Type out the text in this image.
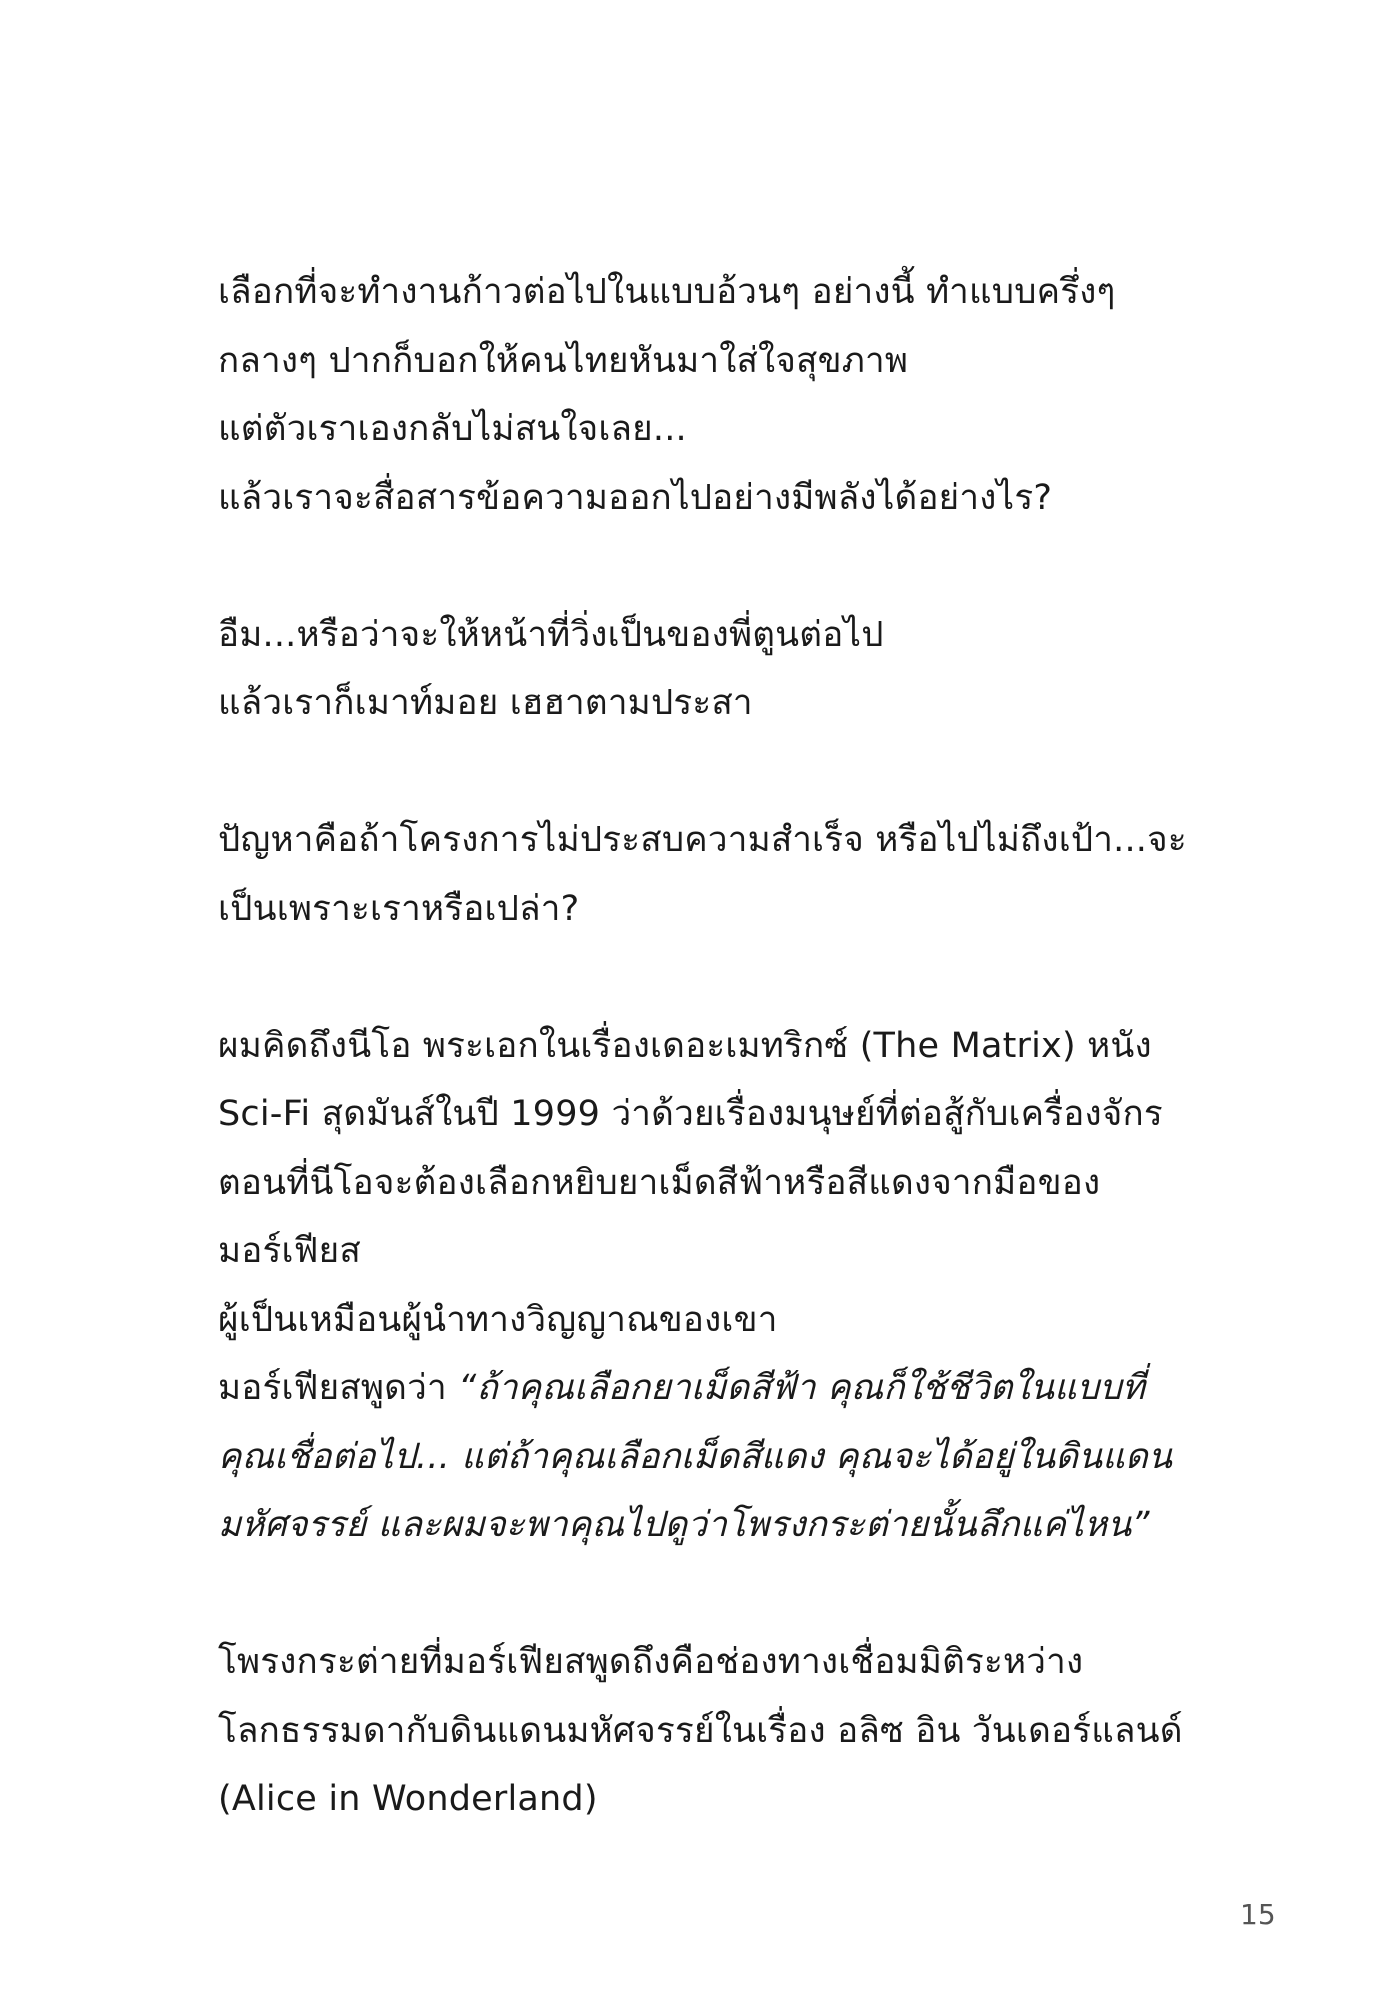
เลือกที่จะทำงานก้าวต่อไปในแบบอ้วนๆ อย่างนี้ ทำแบบครึ่งๆ
กลางๆ ปากก็บอกให้คนไทยหันมาใส่ใจสุขภาพ
แต่ตัวเราเองกลับไม่สนใจเลย...
แล้วเราจะสื่อสารข้อความออกไปอย่างมีพลังได้อย่างไร?
อืม...หรือว่าจะให้หน้าที่วิ่งเป็นของพี่ตูนต่อไป
แล้วเราก็เมาท์มอย เฮฮาตามประสา
ปัญหาคือถ้าโครงการไม่ประสบความสำเร็จ หรือไปไม่ถึงเป้า...จะ
เป็นเพราะเราหรือเปล่า?
ผมคิดถึงนีโอ พระเอกในเรื่องเดอะเมทริกซ์ (The Matrix) หนัง
Sci-Fi สุดมันส์ในปี 1999 ว่าด้วยเรื่องมนุษย์ที่ต่อสู้กับเครื่องจักร
ตอนที่นีโอจะต้องเลือกหยิบยาเม็ดสีฟ้าหรือสีแดงจากมือของ
มอร์เฟียส
ผู้เป็นเหมือนผู้นำทางวิญญาณของเขา
มอร์เฟียสพูดว่า “ถ้าคุณเลือกยาเม็ดสีฟ้า คุณก็ใช้ชีวิตในแบบที่
คุณเชื่อต่อไป... แต่ถ้าคุณเลือกเม็ดสีแดง คุณจะได้อยู่ในดินแดน
มหัศจรรย์ และผมจะพาคุณไปดูว่าโพรงกระต่ายนั้นลึกแค่ไหน”
โพรงกระต่ายที่มอร์เฟียสพูดถึงคือช่องทางเชื่อมมิติระหว่าง
โลกธรรมดากับดินแดนมหัศจรรย์ในเรื่อง อลิซ อิน วันเดอร์แลนด์
(Alice in Wonderland)
15
